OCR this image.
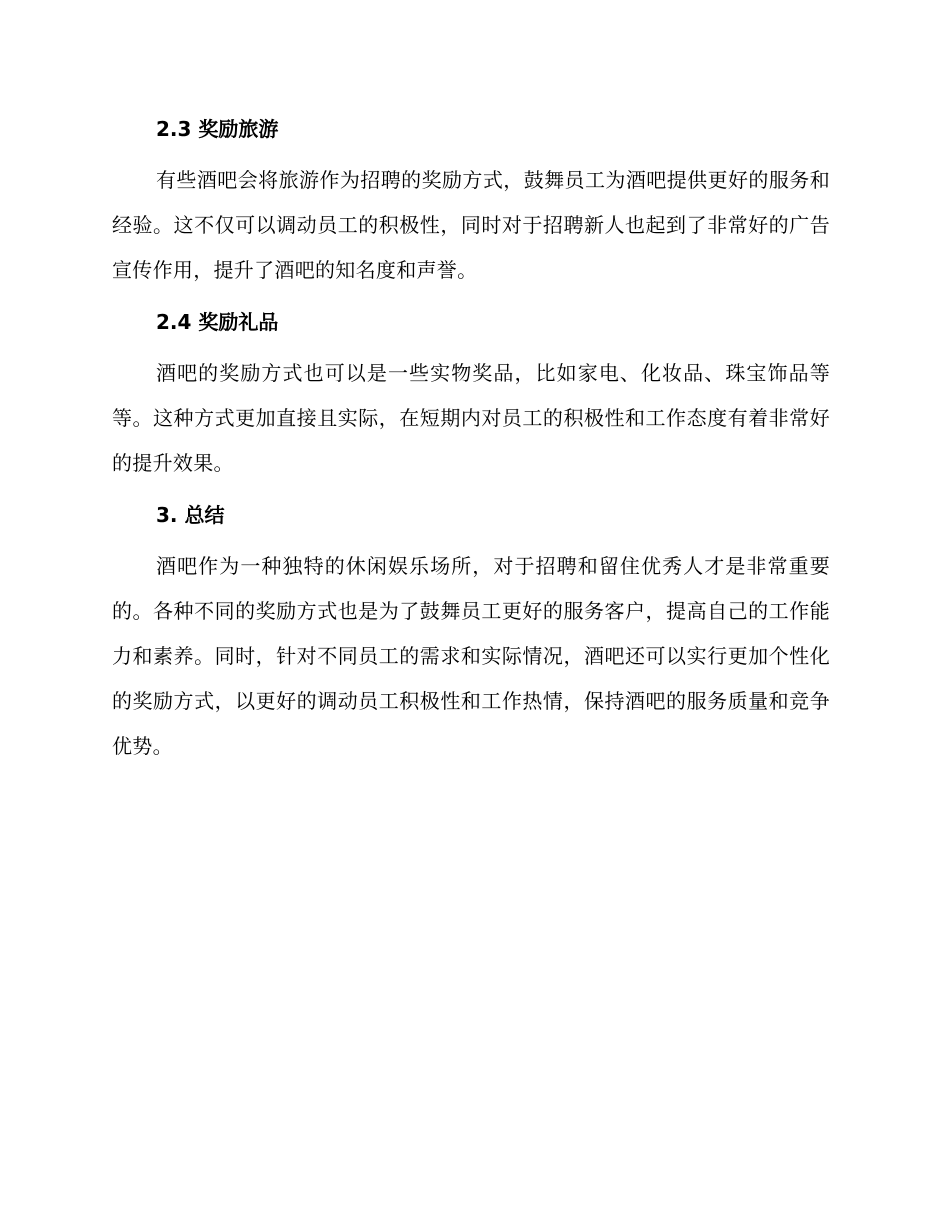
2.3 奖励旅游

有些酒吧会将旅游作为招聘的奖励方式，鼓舞员工为酒吧提供更好的服务和经验。这不仅可以调动员工的积极性，同时对于招聘新人也起到了非常好的广告宣传作用，提升了酒吧的知名度和声誉。

2.4 奖励礼品

酒吧的奖励方式也可以是一些实物奖品，比如家电、化妆品、珠宝饰品等等。这种方式更加直接且实际，在短期内对员工的积极性和工作态度有着非常好的提升效果。

3. 总结

酒吧作为一种独特的休闲娱乐场所，对于招聘和留住优秀人才是非常重要的。各种不同的奖励方式也是为了鼓舞员工更好的服务客户，提高自己的工作能力和素养。同时，针对不同员工的需求和实际情况，酒吧还可以实行更加个性化的奖励方式，以更好的调动员工积极性和工作热情，保持酒吧的服务质量和竞争优势。
